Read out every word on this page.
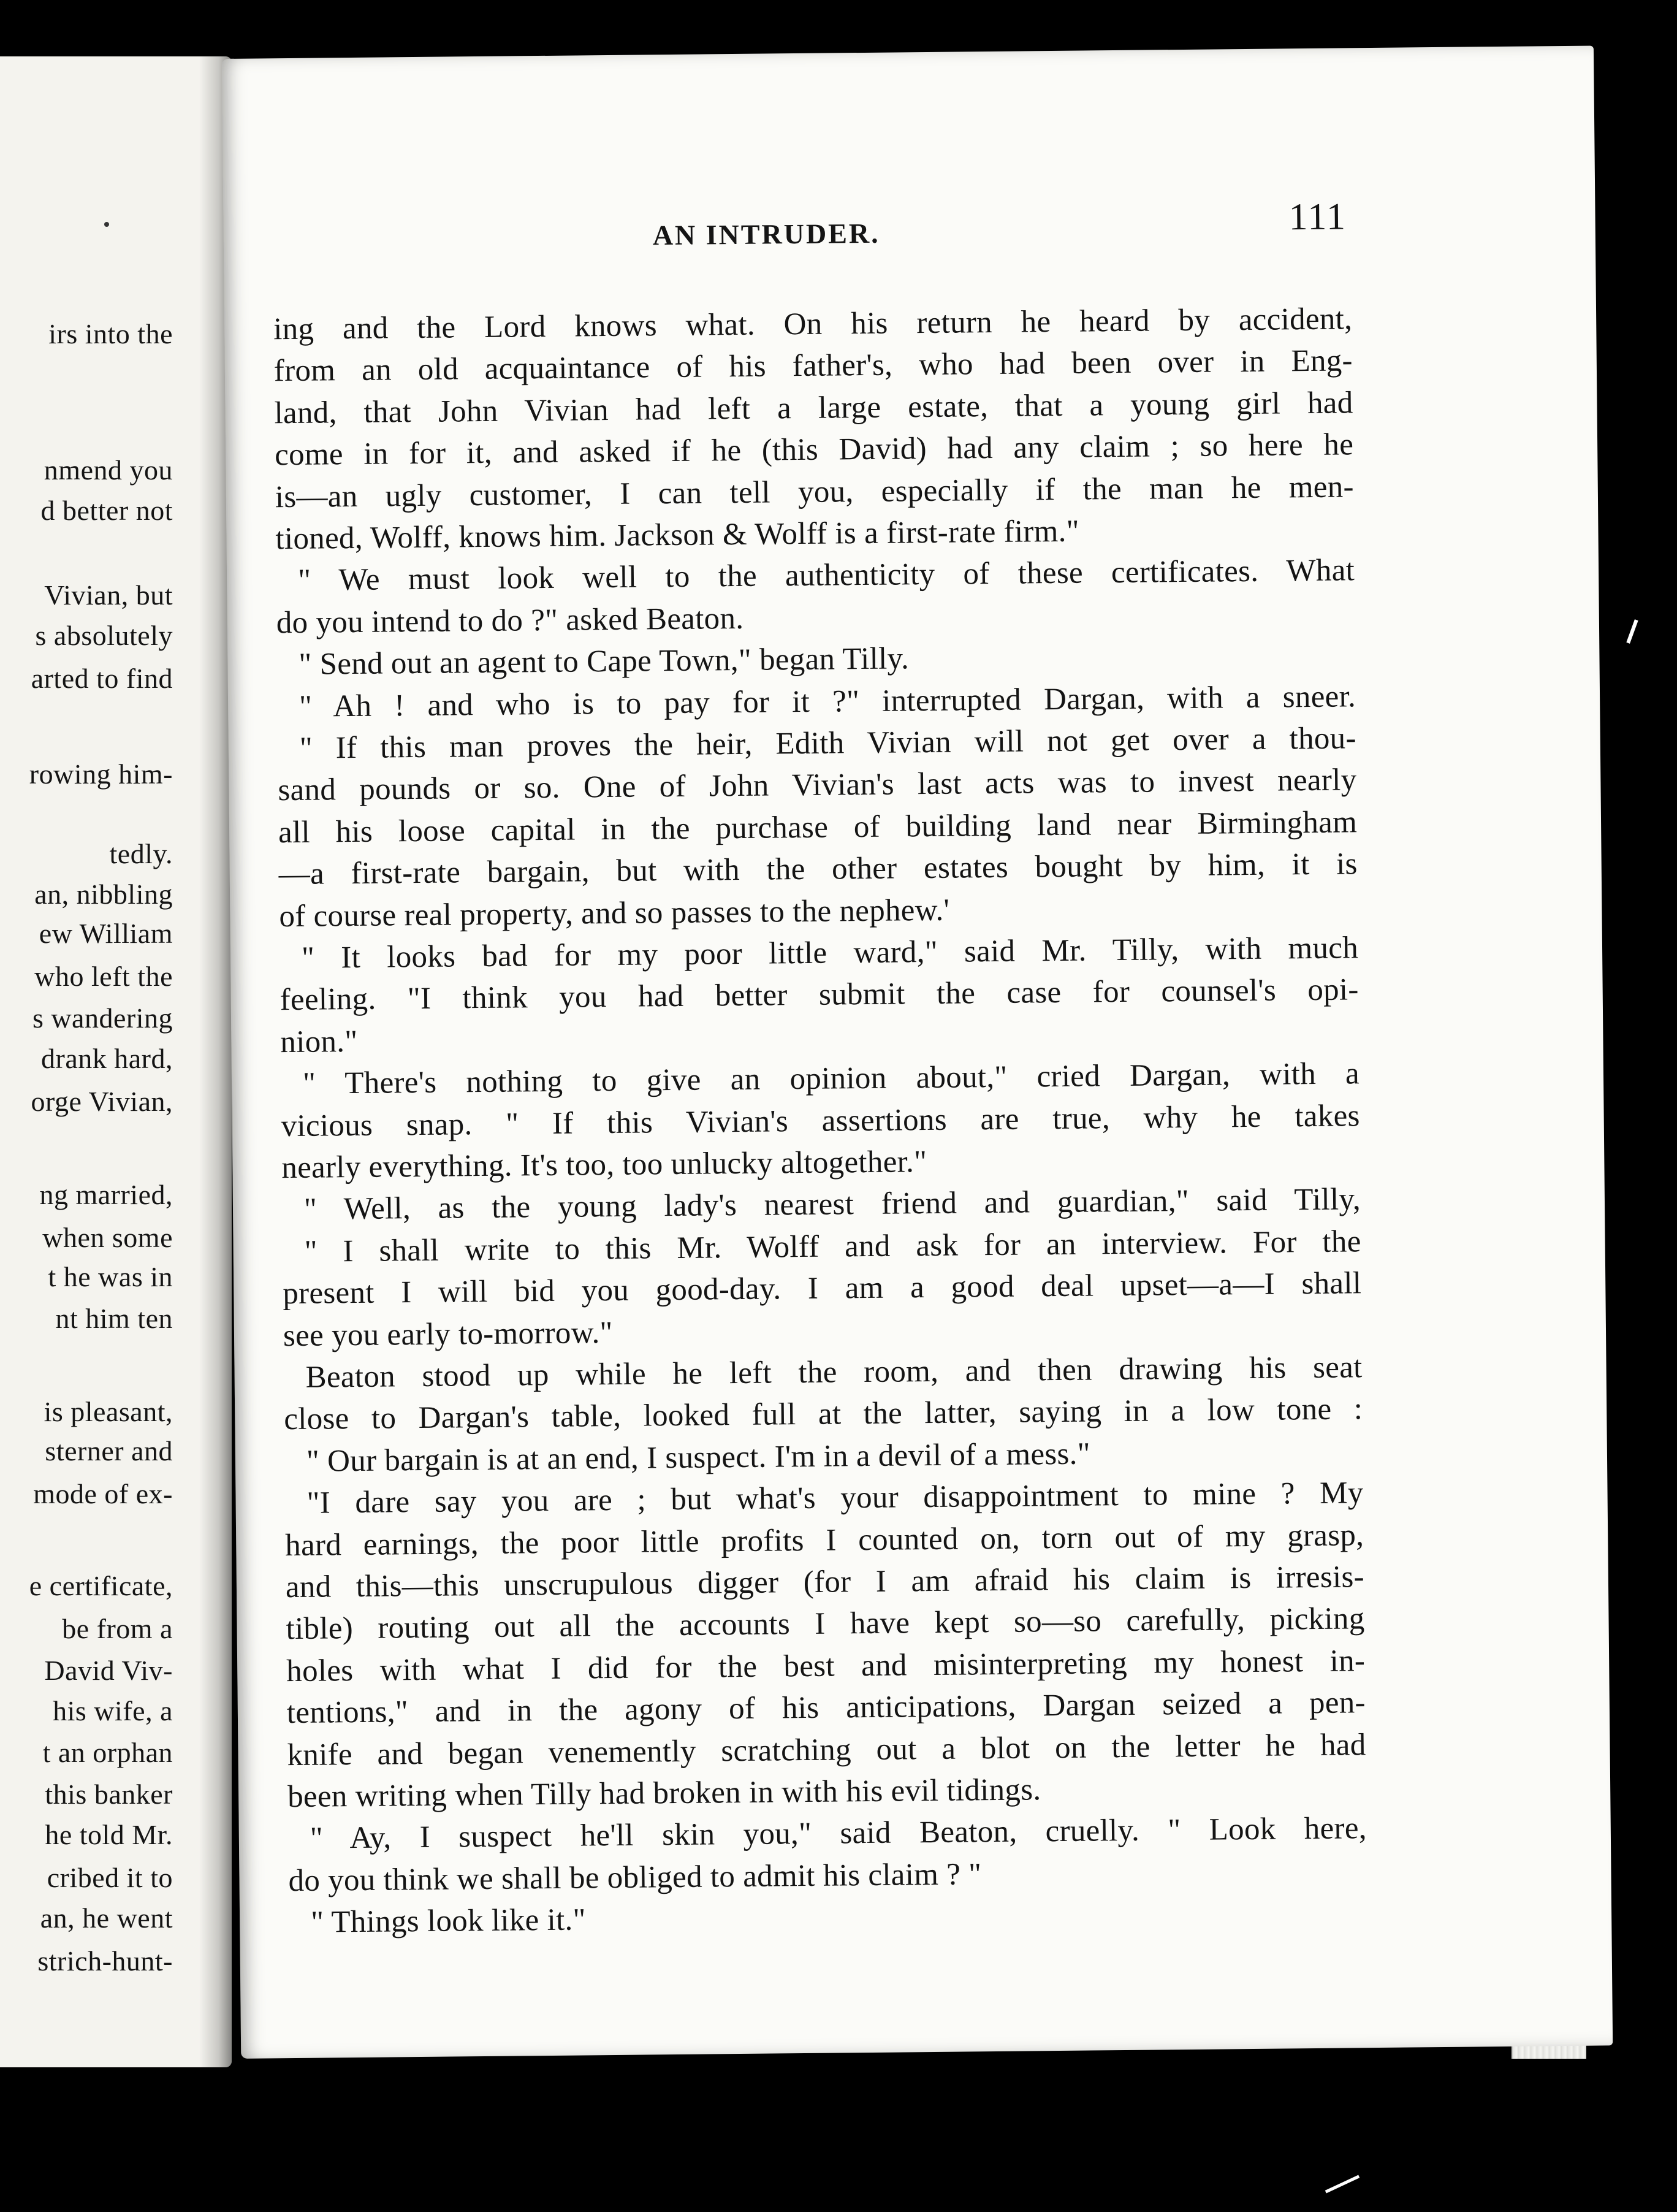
irs into the
nmend you
d better not
Vivian, but
s absolutely
arted to find
rowing him-
tedly.
an, nibbling
ew William
who left the
s wandering
drank hard,
orge Vivian,
ng married,
when some
t he was in
nt him ten
is pleasant,
sterner and
mode of ex-
e certificate,
be from a
David Viv-
his wife, a
t an orphan
this banker
he told Mr.
cribed it to
an, he went
strich-hunt-
AN INTRUDER.	111
ing and the Lord knows what. On his return he heard by accident,
from an old acquaintance of his father's, who had been over in Eng-
land, that John Vivian had left a large estate, that a young girl had
come in for it, and asked if he (this David) had any claim ; so here he
is—an ugly customer, I can tell you, especially if the man he men-
tioned, Wolff, knows him. Jackson & Wolff is a first-rate firm."
" We must look well to the authenticity of these certificates. What
do you intend to do ?" asked Beaton.
" Send out an agent to Cape Town," began Tilly.
" Ah ! and who is to pay for it ?" interrupted Dargan, with a sneer.
" If this man proves the heir, Edith Vivian will not get over a thou-
sand pounds or so. One of John Vivian's last acts was to invest nearly
all his loose capital in the purchase of building land near Birmingham
—a first-rate bargain, but with the other estates bought by him, it is
of course real property, and so passes to the nephew.'
" It looks bad for my poor little ward," said Mr. Tilly, with much
feeling. "I think you had better submit the case for counsel's opi-
nion."
" There's nothing to give an opinion about," cried Dargan, with a
vicious snap. " If this Vivian's assertions are true, why he takes
nearly everything. It's too, too unlucky altogether."
" Well, as the young lady's nearest friend and guardian," said Tilly,
" I shall write to this Mr. Wolff and ask for an interview. For the
present I will bid you good-day. I am a good deal upset—a—I shall
see you early to-morrow."
Beaton stood up while he left the room, and then drawing his seat
close to Dargan's table, looked full at the latter, saying in a low tone :
" Our bargain is at an end, I suspect. I'm in a devil of a mess."
"I dare say you are ; but what's your disappointment to mine ? My
hard earnings, the poor little profits I counted on, torn out of my grasp,
and this—this unscrupulous digger (for I am afraid his claim is irresis-
tible) routing out all the accounts I have kept so—so carefully, picking
holes with what I did for the best and misinterpreting my honest in-
tentions," and in the agony of his anticipations, Dargan seized a pen-
knife and began venemently scratching out a blot on the letter he had
been writing when Tilly had broken in with his evil tidings.
" Ay, I suspect he'll skin you," said Beaton, cruelly. " Look here,
do you think we shall be obliged to admit his claim ? "
" Things look like it."
